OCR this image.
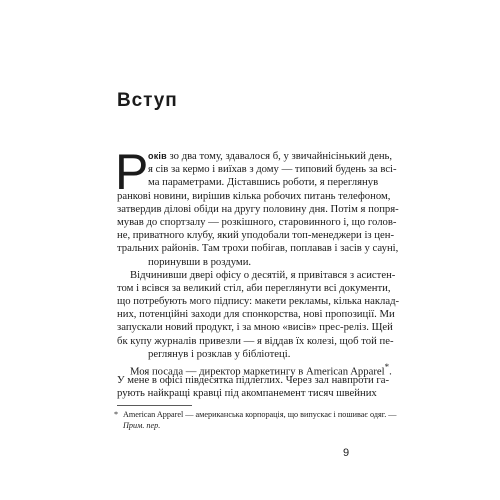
Вступ
Р оків зо два тому, здавалося б, у звичайнісінький день,
я сів за кермо і виїхав з дому — типовий будень за всі-
ма параметрами. Діставшись роботи, я переглянув
ранкові новини, вирішив кілька робочих питань телефоном,
затвердив ділові обіди на другу половину дня. Потім я попря-
мував до спортзалу — розкішного, старовинного і, що голов-
не, приватного клубу, який уподобали топ-менеджери із цен-
тральних районів. Там трохи побігав, поплавав і засів у сауні,
поринувши в роздуми.
Відчинивши двері офісу о десятій, я привітався з асистен-
том і всівся за великий стіл, аби переглянути всі документи,
що потребують мого підпису: макети рекламы, кілька наклад-
них, потенційні заходи для спонкорства, нові пропозиції. Ми
запускали новий продукт, і за мною «висів» прес-реліз. Щей
бк купу журналів привезли — я віддав їх колезі, щоб той пе-
реглянув і розклав у бібліотеці.
Моя посада — директор маркетингу в American Apparel*.
У мене в офісі півдесятка підлеглих. Через зал навпроти га-
рують найкращі кравці під акомпанемент тисяч швейних
* American Apparel — американська корпорація, що випускає і пошиває одяг. —
Прим. пер.
9
